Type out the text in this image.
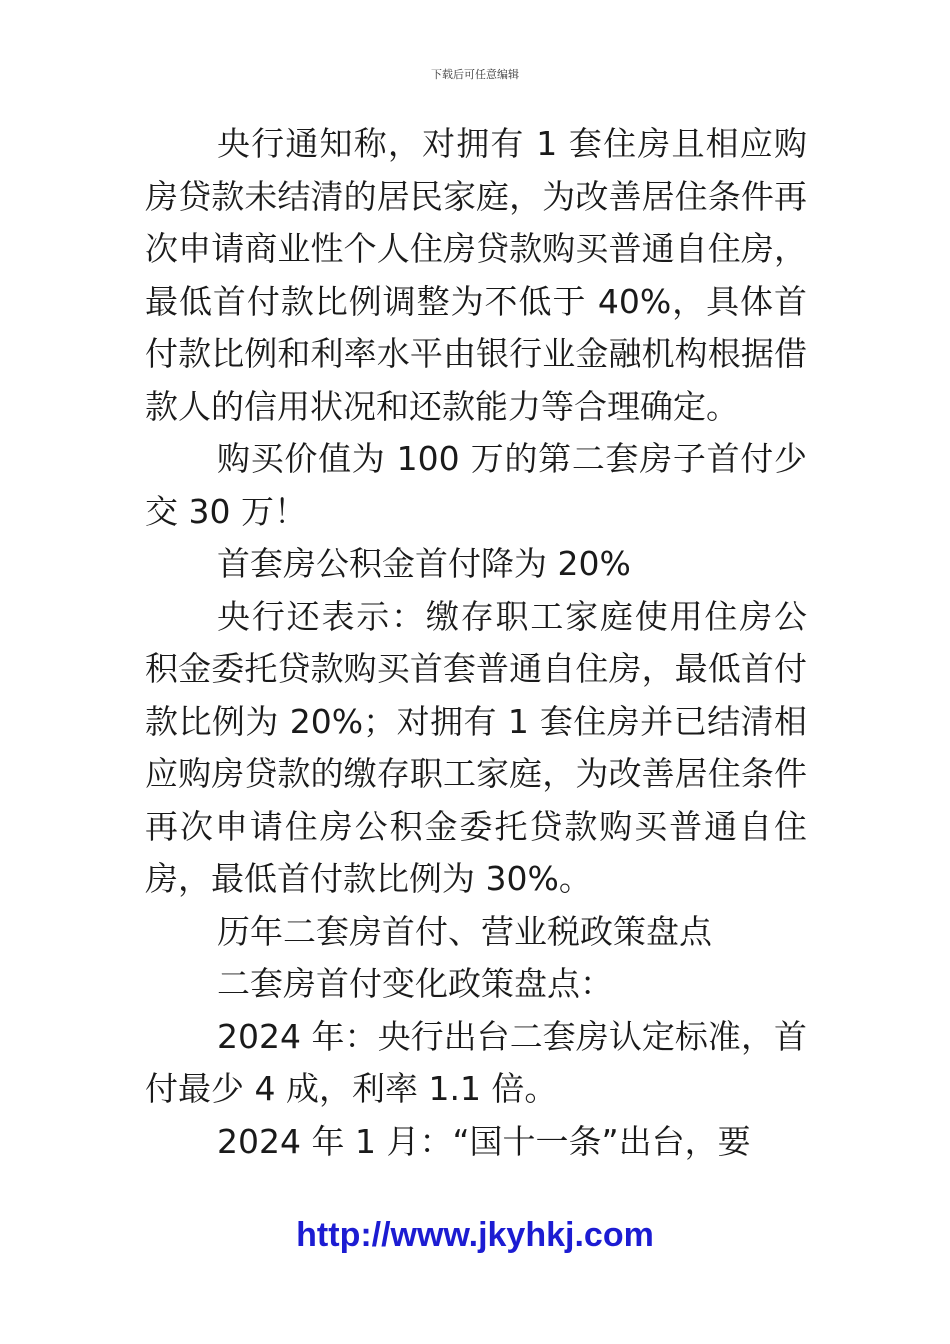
下载后可任意编辑

央行通知称，对拥有 1 套住房且相应购房贷款未结清的居民家庭，为改善居住条件再次申请商业性个人住房贷款购买普通自住房，最低首付款比例调整为不低于 40%，具体首付款比例和利率水平由银行业金融机构根据借款人的信用状况和还款能力等合理确定。

购买价值为 100 万的第二套房子首付少交 30 万！

首套房公积金首付降为 20%

央行还表示：缴存职工家庭使用住房公积金委托贷款购买首套普通自住房，最低首付款比例为 20%；对拥有 1 套住房并已结清相应购房贷款的缴存职工家庭，为改善居住条件再次申请住房公积金委托贷款购买普通自住房，最低首付款比例为 30%。

历年二套房首付、营业税政策盘点

二套房首付变化政策盘点：

2024 年：央行出台二套房认定标准，首付最少 4 成，利率 1.1 倍。

2024 年 1 月：“国十一条”出台，要

http://www.jkyhkj.com
